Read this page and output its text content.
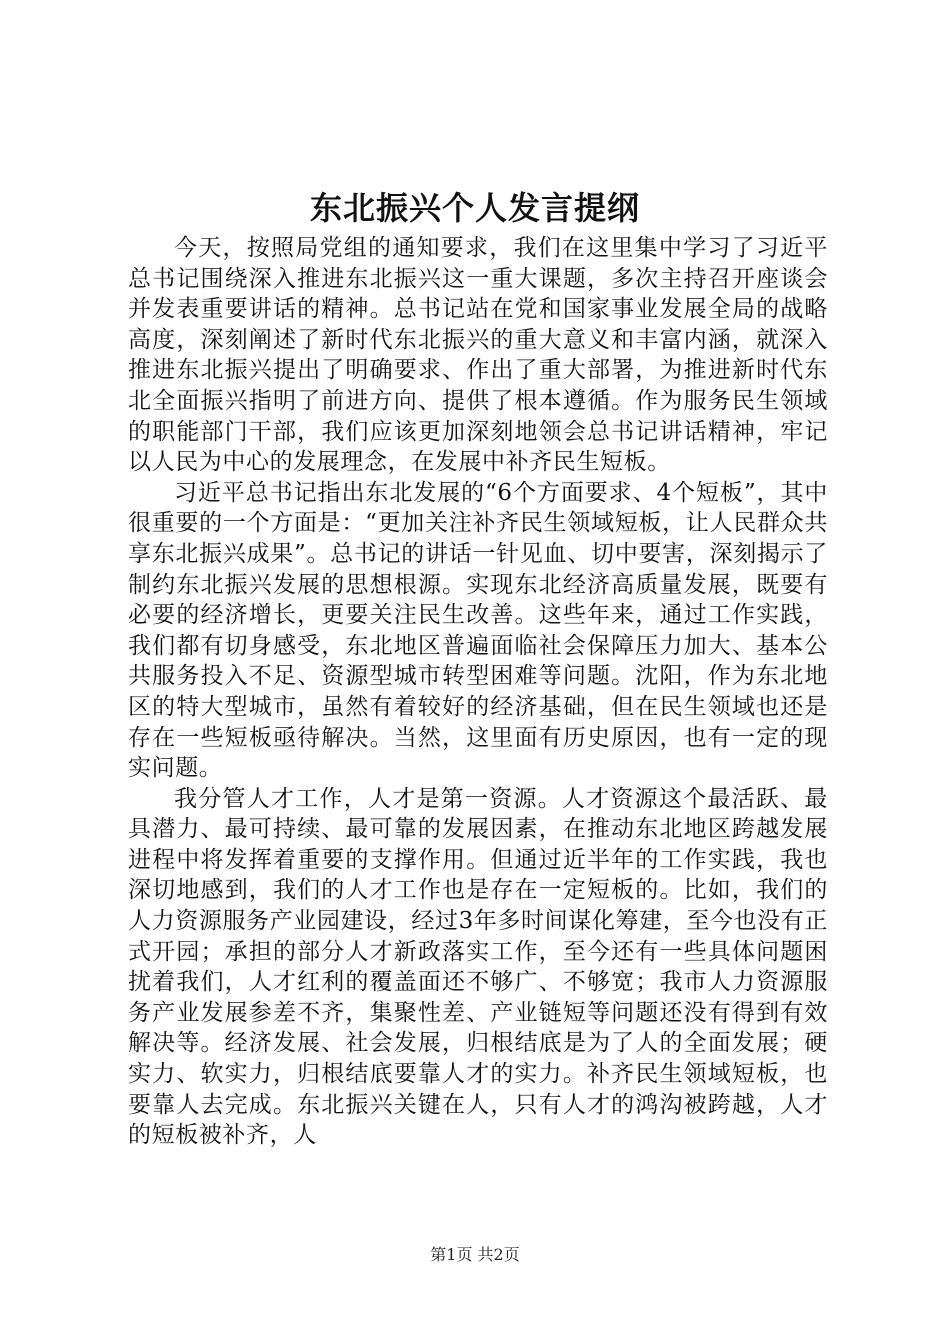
东北振兴个人发言提纲

今天，按照局党组的通知要求，我们在这里集中学习了习近平总书记围绕深入推进东北振兴这一重大课题，多次主持召开座谈会并发表重要讲话的精神。总书记站在党和国家事业发展全局的战略高度，深刻阐述了新时代东北振兴的重大意义和丰富内涵，就深入推进东北振兴提出了明确要求、作出了重大部署，为推进新时代东北全面振兴指明了前进方向、提供了根本遵循。作为服务民生领域的职能部门干部，我们应该更加深刻地领会总书记讲话精神，牢记以人民为中心的发展理念，在发展中补齐民生短板。

习近平总书记指出东北发展的“6个方面要求、4个短板”，其中很重要的一个方面是：“更加关注补齐民生领域短板，让人民群众共享东北振兴成果”。总书记的讲话一针见血、切中要害，深刻揭示了制约东北振兴发展的思想根源。实现东北经济高质量发展，既要有必要的经济增长，更要关注民生改善。这些年来，通过工作实践，我们都有切身感受，东北地区普遍面临社会保障压力加大、基本公共服务投入不足、资源型城市转型困难等问题。沈阳，作为东北地区的特大型城市，虽然有着较好的经济基础，但在民生领域也还是存在一些短板亟待解决。当然，这里面有历史原因，也有一定的现实问题。

我分管人才工作，人才是第一资源。人才资源这个最活跃、最具潜力、最可持续、最可靠的发展因素，在推动东北地区跨越发展进程中将发挥着重要的支撑作用。但通过近半年的工作实践，我也深切地感到，我们的人才工作也是存在一定短板的。比如，我们的人力资源服务产业园建设，经过3年多时间谋化筹建，至今也没有正式开园；承担的部分人才新政落实工作，至今还有一些具体问题困扰着我们，人才红利的覆盖面还不够广、不够宽；我市人力资源服务产业发展参差不齐，集聚性差、产业链短等问题还没有得到有效解决等。经济发展、社会发展，归根结底是为了人的全面发展；硬实力、软实力，归根结底要靠人才的实力。补齐民生领域短板，也要靠人去完成。东北振兴关键在人，只有人才的鸿沟被跨越，人才的短板被补齐，人

第1页 共2页
